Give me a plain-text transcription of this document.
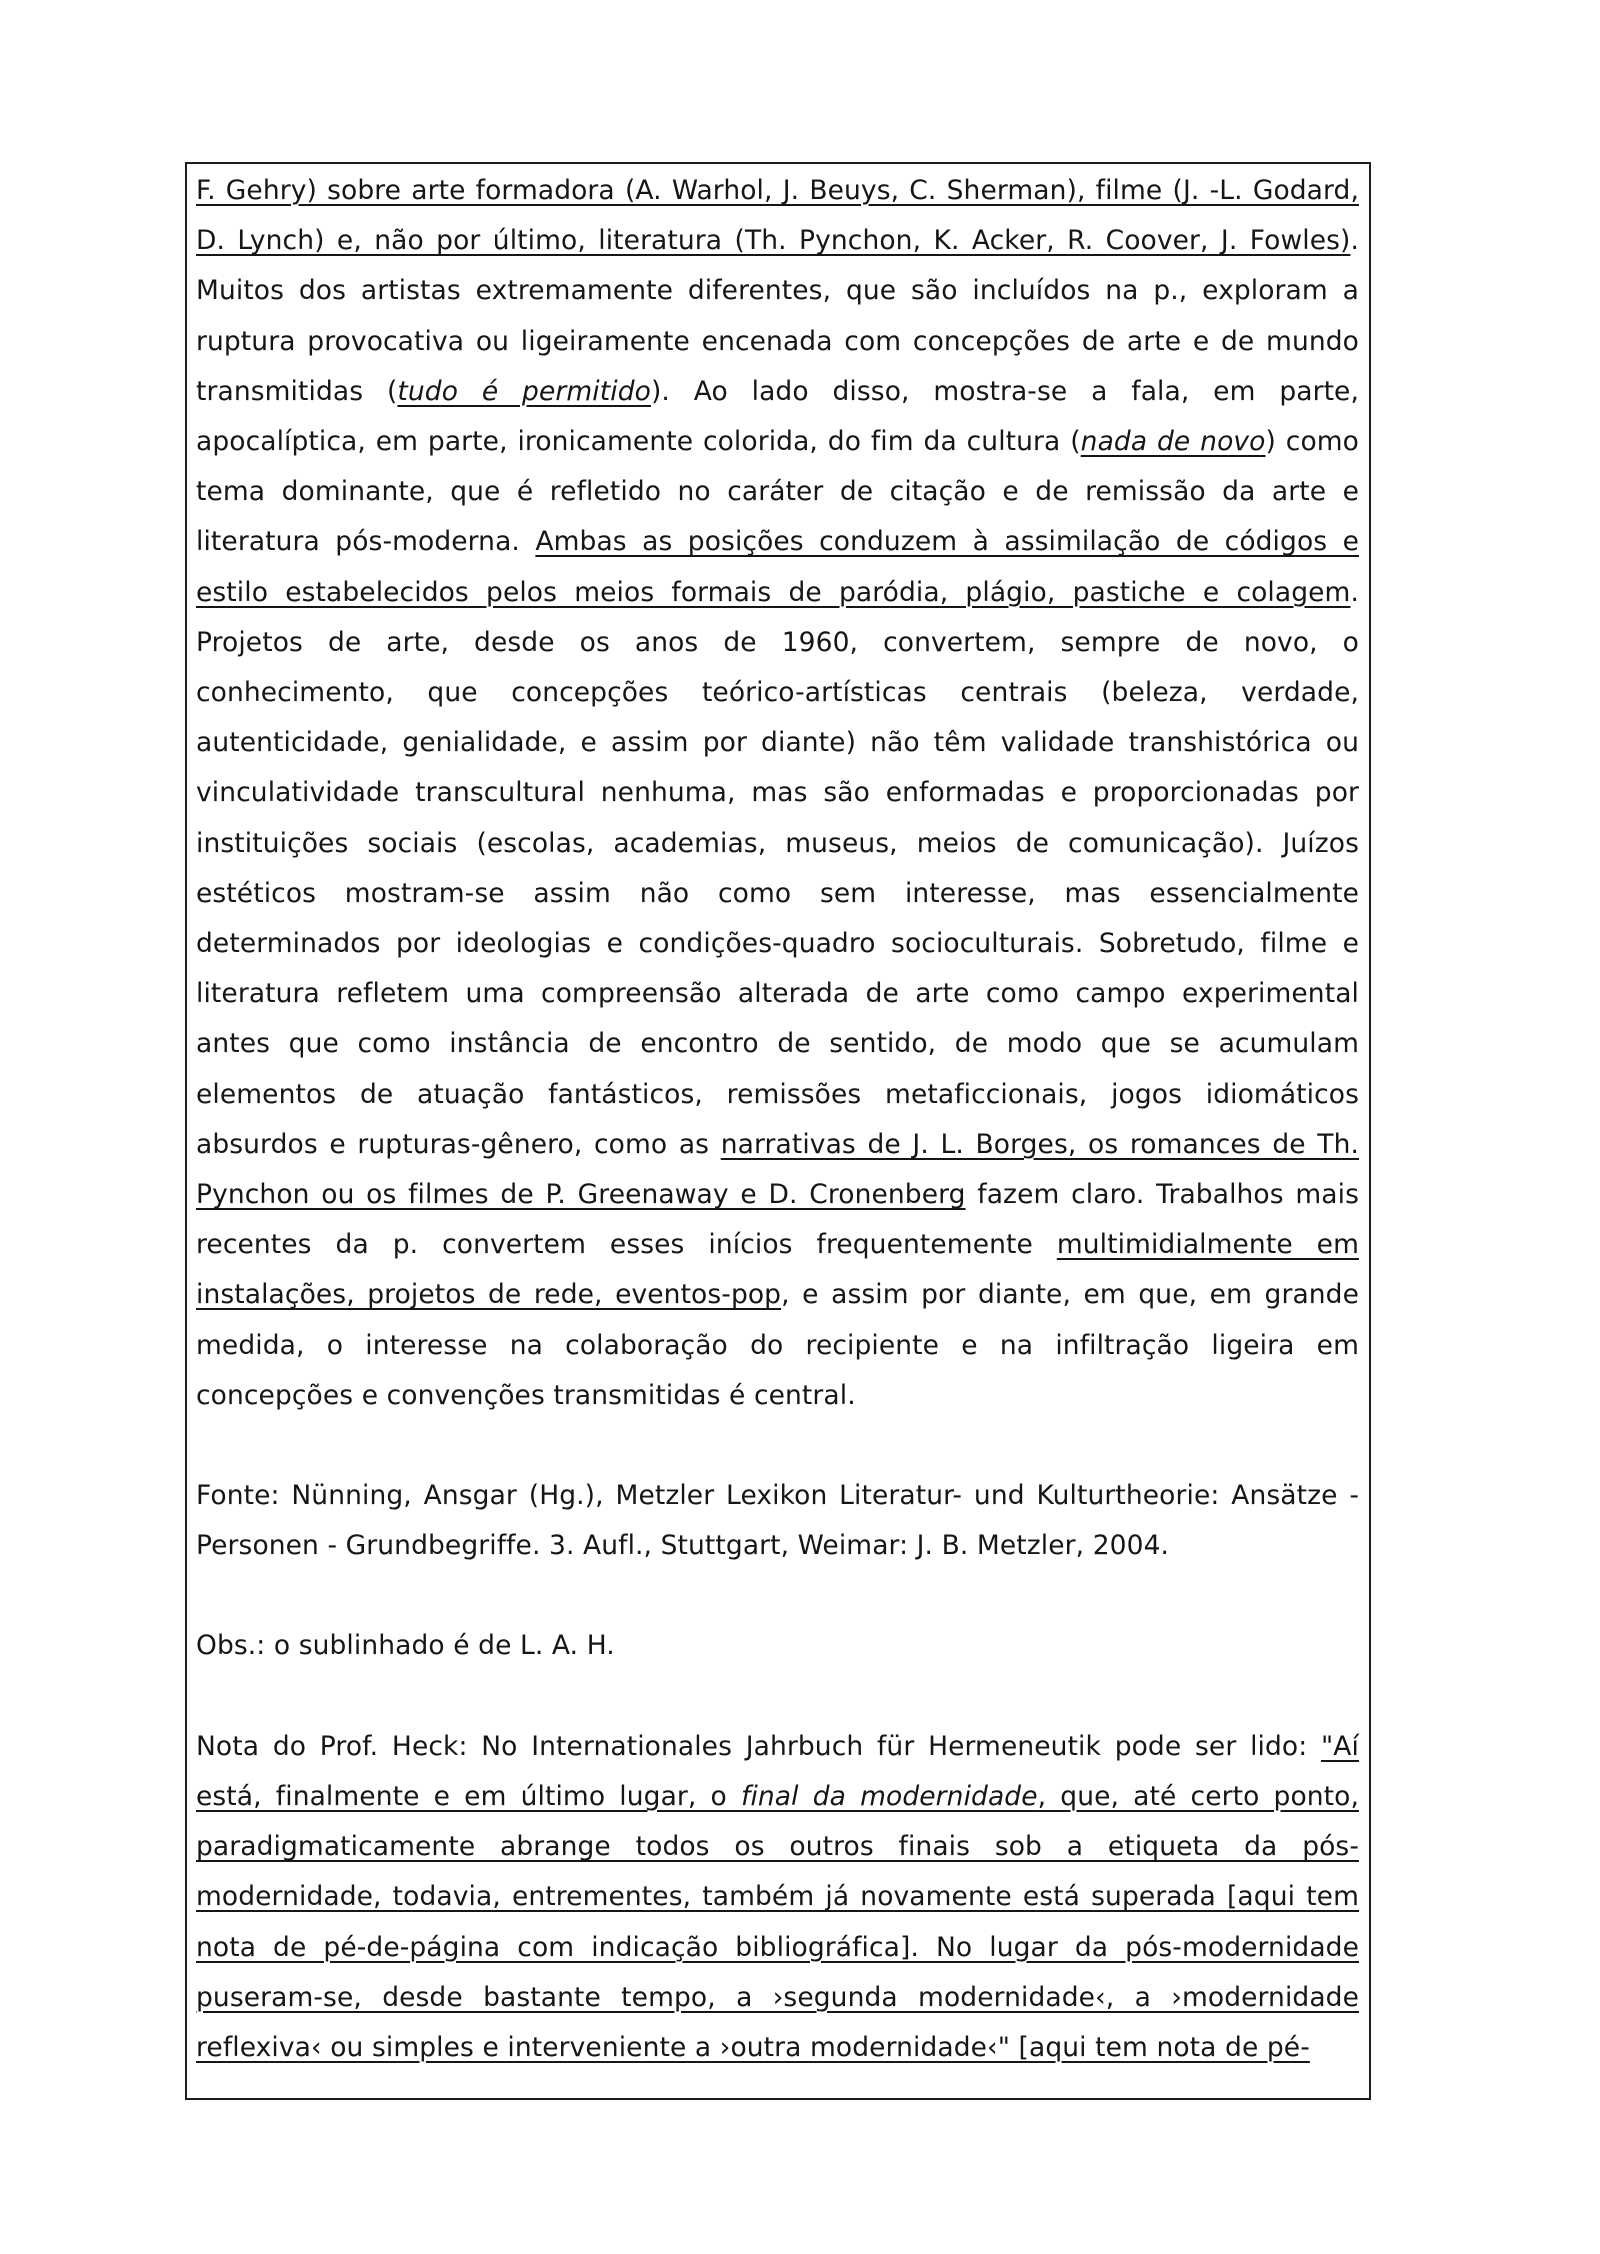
F. Gehry) sobre arte formadora (A. Warhol, J. Beuys, C. Sherman), filme (J. -L. Godard, D. Lynch) e, não por último, literatura (Th. Pynchon, K. Acker, R. Coover, J. Fowles). Muitos dos artistas extremamente diferentes, que são incluídos na p., exploram a ruptura provocativa ou ligeiramente encenada com concepções de arte e de mundo transmitidas (tudo é permitido). Ao lado disso, mostra-se a fala, em parte, apocalíptica, em parte, ironicamente colorida, do fim da cultura (nada de novo) como tema dominante, que é refletido no caráter de citação e de remissão da arte e literatura pós-moderna. Ambas as posições conduzem à assimilação de códigos e estilo estabelecidos pelos meios formais de paródia, plágio, pastiche e colagem. Projetos de arte, desde os anos de 1960, convertem, sempre de novo, o conhecimento, que concepções teórico-artísticas centrais (beleza, verdade, autenticidade, genialidade, e assim por diante) não têm validade transhistórica ou vinculatividade transcultural nenhuma, mas são enformadas e proporcionadas por instituições sociais (escolas, academias, museus, meios de comunicação). Juízos estéticos mostram-se assim não como sem interesse, mas essencialmente determinados por ideologias e condições-quadro socioculturais. Sobretudo, filme e literatura refletem uma compreensão alterada de arte como campo experimental antes que como instância de encontro de sentido, de modo que se acumulam elementos de atuação fantásticos, remissões metaficcionais, jogos idiomáticos absurdos e rupturas-gênero, como as narrativas de J. L. Borges, os romances de Th. Pynchon ou os filmes de P. Greenaway e D. Cronenberg fazem claro. Trabalhos mais recentes da p. convertem esses inícios frequentemente multimidialmente em instalações, projetos de rede, eventos-pop, e assim por diante, em que, em grande medida, o interesse na colaboração do recipiente e na infiltração ligeira em concepções e convenções transmitidas é central.

Fonte: Nünning, Ansgar (Hg.), Metzler Lexikon Literatur- und Kulturtheorie: Ansätze - Personen - Grundbegriffe. 3. Aufl., Stuttgart, Weimar: J. B. Metzler, 2004.

Obs.: o sublinhado é de L. A. H.

Nota do Prof. Heck: No Internationales Jahrbuch für Hermeneutik pode ser lido: "Aí está, finalmente e em último lugar, o final da modernidade, que, até certo ponto, paradigmaticamente abrange todos os outros finais sob a etiqueta da pós-modernidade, todavia, entrementes, também já novamente está superada [aqui tem nota de pé-de-página com indicação bibliográfica]. No lugar da pós-modernidade puseram-se, desde bastante tempo, a ›segunda modernidade‹, a ›modernidade reflexiva‹ ou simples e interveniente a ›outra modernidade‹" [aqui tem nota de pé-
